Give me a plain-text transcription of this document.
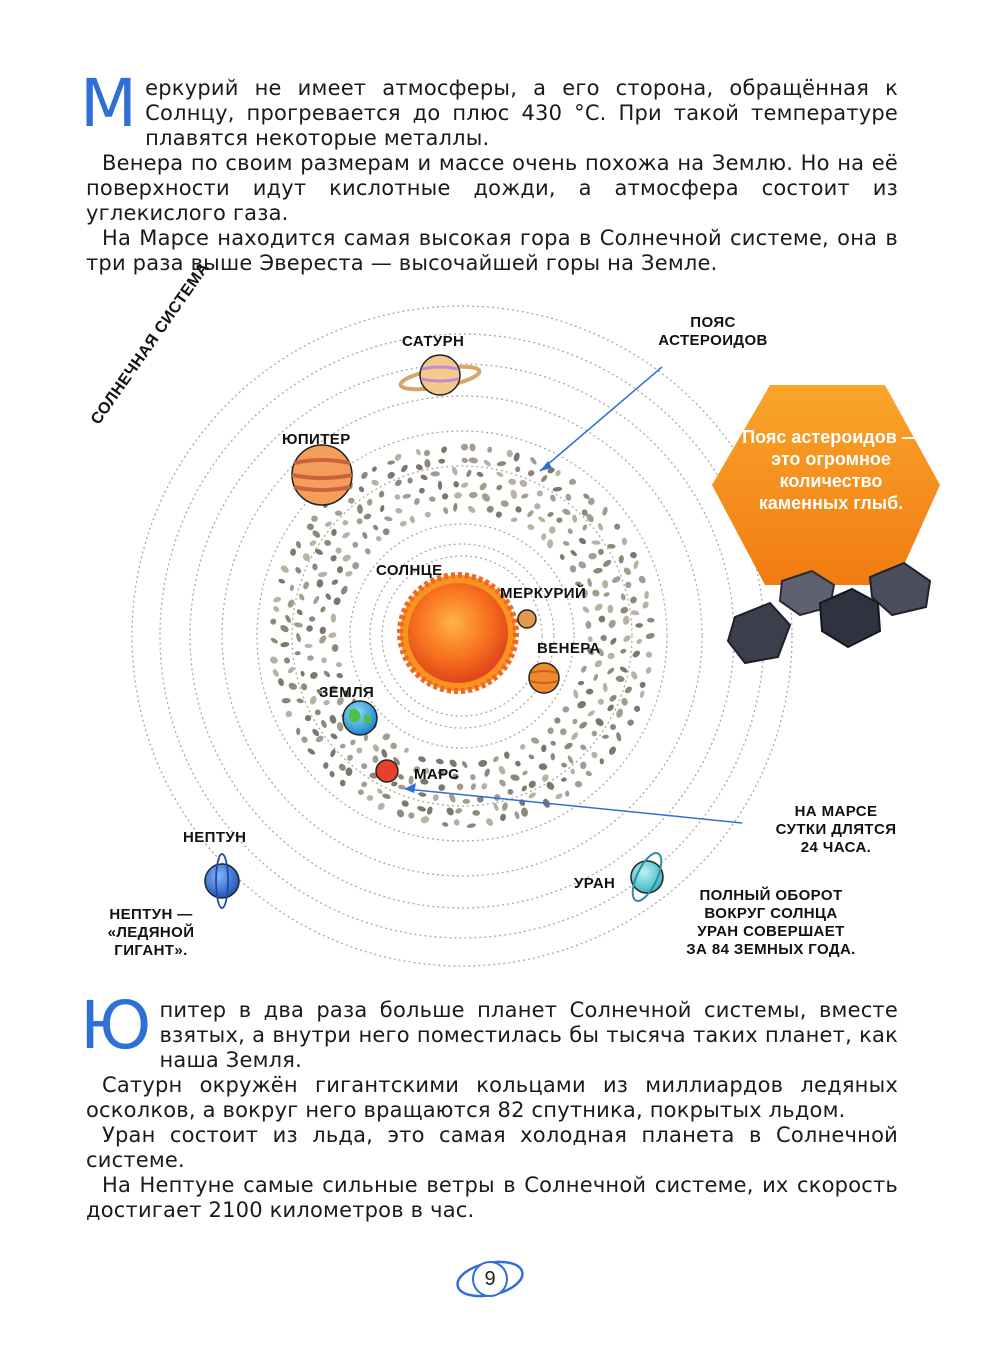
Меркурий не имеет атмосферы, а его сторона, обращённая к Солнцу, прогревается до плюс 430 °С. При такой температуре плавятся некоторые металлы.

Венера по своим размерам и массе очень похожа на Землю. Но на её поверхности идут кислотные дожди, а атмосфера состоит из углекислого газа.

На Марсе находится самая высокая гора в Солнечной системе, она в три раза выше Эвереста — высочайшей горы на Земле.

СОЛНЕЧНАЯ СИСТЕМА	САТУРН
ЮПИТЕР
СОЛНЦЕ
МЕРКУРИЙ
ВЕНЕРА
ЗЕМЛЯ
МАРС
УРАН
НЕПТУН
ПОЯС
АСТЕРОИДОВ
Пояс астероидов — это огромное количество каменных глыб.
НА МАРСЕ
СУТКИ ДЛЯТСЯ
24 ЧАСА.
ПОЛНЫЙ ОБОРОТ
ВОКРУГ СОЛНЦА
УРАН СОВЕРШАЕТ
ЗА 84 ЗЕМНЫХ ГОДА.
НЕПТУН —
«ЛЕДЯНОЙ
ГИГАНТ».

Юпитер в два раза больше планет Солнечной системы, вместе взятых, а внутри него поместилась бы тысяча таких планет, как наша Земля.

Сатурн окружён гигантскими кольцами из миллиардов ледяных осколков, а вокруг него вращаются 82 спутника, покрытых льдом.

Уран состоит из льда, это самая холодная планета в Солнечной системе.

На Нептуне самые сильные ветры в Солнечной системе, их скорость достигает 2100 километров в час.

9
